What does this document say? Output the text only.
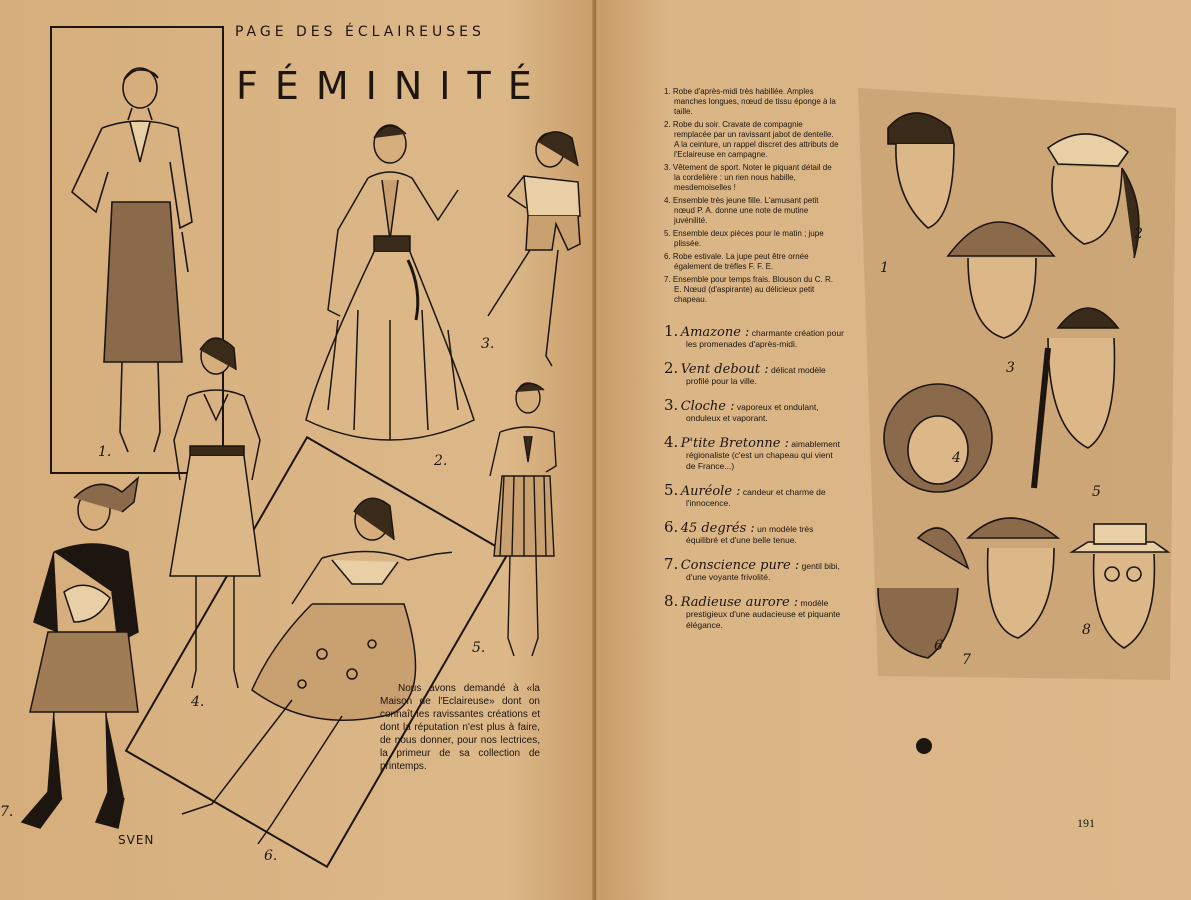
PAGE DES ÉCLAIREUSES
FÉMINITÉ
1.
2.
3.
4.
5.
6.
7.
SVEN
Nous avons demandé à «la Maison de l'Eclaireuse» dont on connaît les ravissantes créations et dont la réputation n'est plus à faire, de nous donner, pour nos lectrices, la primeur de sa collection de printemps.
1. Robe d'après-midi très habillée. Amples manches longues, nœud de tissu éponge à la taille.
2. Robe du soir. Cravate de compagnie remplacée par un ravissant jabot de dentelle. A la ceinture, un rappel discret des attributs de l'Eclaireuse en campagne.
3. Vêtement de sport. Noter le piquant détail de la cordelière : un rien nous habille, mesdemoiselles !
4. Ensemble très jeune fille. L'amusant petit nœud P. A. donne une note de mutine juvénilité.
5. Ensemble deux pièces pour le matin ; jupe plissée.
6. Robe estivale. La jupe peut être ornée également de trèfles F. F. E.
7. Ensemble pour temps frais. Blouson du C. R. E. Nœud (d'aspirante) au délicieux petit chapeau.
1. Amazone : charmante création pour les promenades d'après-midi.
2. Vent debout : délicat modèle profilé pour la ville.
3. Cloche : vaporeux et ondulant, onduleux et vaporant.
4. P'tite Bretonne : aimablement régionaliste (c'est un chapeau qui vient de France...)
5. Auréole : candeur et charme de l'innocence.
6. 45 degrés : un modèle très équilibré et d'une belle tenue.
7. Conscience pure : gentil bibi, d'une voyante frivolité.
8. Radieuse aurore : modèle prestigieux d'une audacieuse et piquante élégance.
1
2
3
4
5
6
7
8
191
